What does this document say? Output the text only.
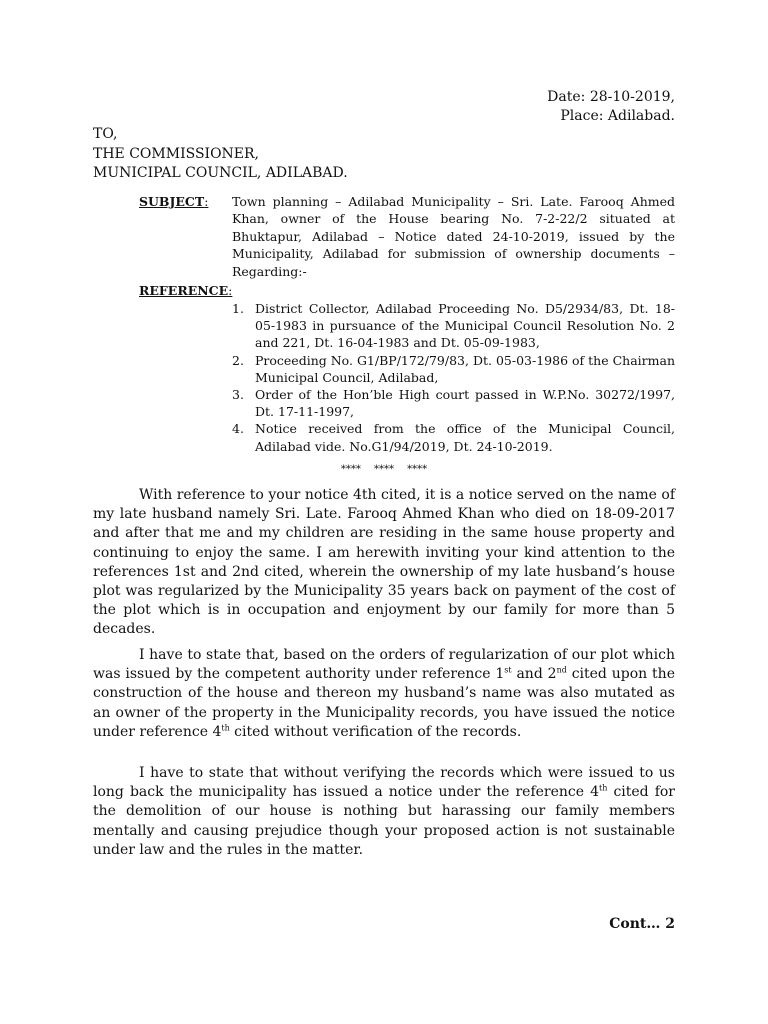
Date: 28-10-2019,
Place: Adilabad.
TO,
THE COMMISSIONER,
MUNICIPAL COUNCIL, ADILABAD.
SUBJECT: Town planning – Adilabad Municipality – Sri. Late. Farooq Ahmed Khan, owner of the House bearing No. 7-2-22/2 situated at Bhuktapur, Adilabad – Notice dated 24-10-2019, issued by the Municipality, Adilabad for submission of ownership documents – Regarding:-
REFERENCE:
1. District Collector, Adilabad Proceeding No. D5/2934/83, Dt. 18-05-1983 in pursuance of the Municipal Council Resolution No. 2 and 221, Dt. 16-04-1983 and Dt. 05-09-1983,
2. Proceeding No. G1/BP/172/79/83, Dt. 05-03-1986 of the Chairman Municipal Council, Adilabad,
3. Order of the Hon’ble High court passed in W.P.No. 30272/1997, Dt. 17-11-1997,
4. Notice received from the office of the Municipal Council, Adilabad vide. No.G1/94/2019, Dt. 24-10-2019.
**** **** ****
With reference to your notice 4th cited, it is a notice served on the name of my late husband namely Sri. Late. Farooq Ahmed Khan who died on 18-09-2017 and after that me and my children are residing in the same house property and continuing to enjoy the same. I am herewith inviting your kind attention to the references 1st and 2nd cited, wherein the ownership of my late husband’s house plot was regularized by the Municipality 35 years back on payment of the cost of the plot which is in occupation and enjoyment by our family for more than 5 decades.
I have to state that, based on the orders of regularization of our plot which was issued by the competent authority under reference 1st and 2nd cited upon the construction of the house and thereon my husband’s name was also mutated as an owner of the property in the Municipality records, you have issued the notice under reference 4th cited without verification of the records.
I have to state that without verifying the records which were issued to us long back the municipality has issued a notice under the reference 4th cited for the demolition of our house is nothing but harassing our family members mentally and causing prejudice though your proposed action is not sustainable under law and the rules in the matter.
Cont… 2
